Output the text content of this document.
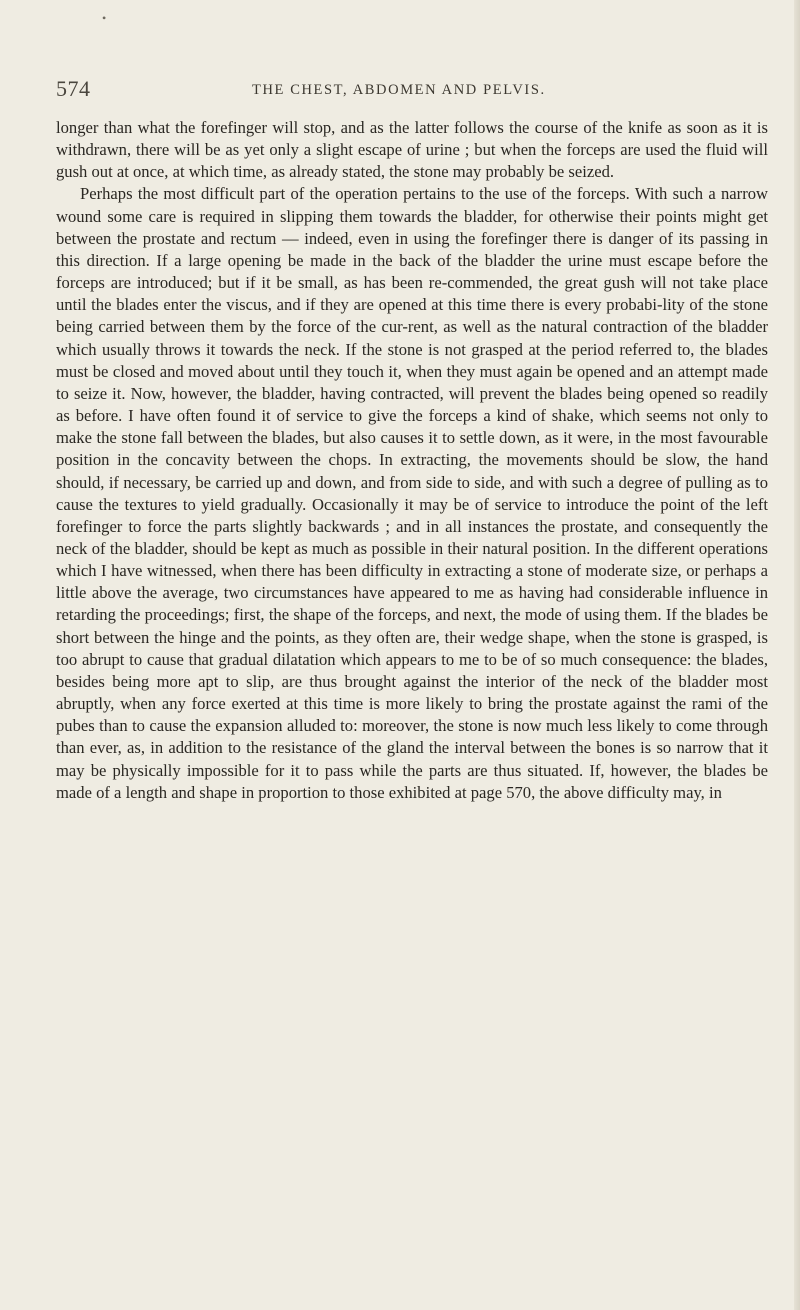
•
574	THE CHEST, ABDOMEN AND PELVIS.

longer than what the forefinger will stop, and as the latter follows the course of the knife as soon as it is withdrawn, there will be as yet only a slight escape of urine ; but when the forceps are used the fluid will gush out at once, at which time, as already stated, the stone may probably be seized.

Perhaps the most difficult part of the operation pertains to the use of the forceps. With such a narrow wound some care is required in slipping them towards the bladder, for otherwise their points might get between the prostate and rectum — indeed, even in using the forefinger there is danger of its passing in this direction. If a large opening be made in the back of the bladder the urine must escape before the forceps are introduced; but if it be small, as has been re-commended, the great gush will not take place until the blades enter the viscus, and if they are opened at this time there is every probabi-lity of the stone being carried between them by the force of the cur-rent, as well as the natural contraction of the bladder which usually throws it towards the neck. If the stone is not grasped at the period referred to, the blades must be closed and moved about until they touch it, when they must again be opened and an attempt made to seize it. Now, however, the bladder, having contracted, will prevent the blades being opened so readily as before. I have often found it of service to give the forceps a kind of shake, which seems not only to make the stone fall between the blades, but also causes it to settle down, as it were, in the most favourable position in the concavity between the chops. In extracting, the movements should be slow, the hand should, if necessary, be carried up and down, and from side to side, and with such a degree of pulling as to cause the textures to yield gradually. Occasionally it may be of service to introduce the point of the left forefinger to force the parts slightly backwards ; and in all instances the prostate, and consequently the neck of the bladder, should be kept as much as possible in their natural position. In the different operations which I have witnessed, when there has been difficulty in extracting a stone of moderate size, or perhaps a little above the average, two circumstances have appeared to me as having had considerable influence in retarding the proceedings; first, the shape of the forceps, and next, the mode of using them. If the blades be short between the hinge and the points, as they often are, their wedge shape, when the stone is grasped, is too abrupt to cause that gradual dilatation which appears to me to be of so much consequence: the blades, besides being more apt to slip, are thus brought against the interior of the neck of the bladder most abruptly, when any force exerted at this time is more likely to bring the prostate against the rami of the pubes than to cause the expansion alluded to: moreover, the stone is now much less likely to come through than ever, as, in addition to the resistance of the gland the interval between the bones is so narrow that it may be physically impossible for it to pass while the parts are thus situated. If, however, the blades be made of a length and shape in proportion to those exhibited at page 570, the above difficulty may, in
